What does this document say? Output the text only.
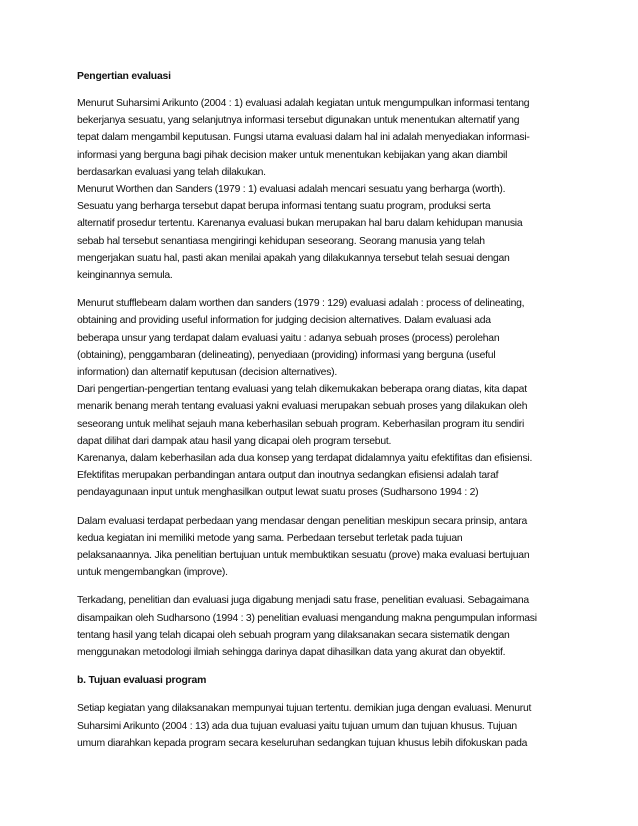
Pengertian evaluasi
Menurut Suharsimi Arikunto (2004 : 1) evaluasi adalah kegiatan untuk mengumpulkan informasi tentang
bekerjanya sesuatu, yang selanjutnya informasi tersebut digunakan untuk menentukan alternatif yang
tepat dalam mengambil keputusan. Fungsi utama evaluasi dalam hal ini adalah menyediakan informasi-
informasi yang berguna bagi pihak decision maker untuk menentukan kebijakan yang akan diambil
berdasarkan evaluasi yang telah dilakukan.
Menurut Worthen dan Sanders (1979 : 1) evaluasi adalah mencari sesuatu yang berharga (worth).
Sesuatu yang berharga tersebut dapat berupa informasi tentang suatu program, produksi serta
alternatif prosedur tertentu. Karenanya evaluasi bukan merupakan hal baru dalam kehidupan manusia
sebab hal tersebut senantiasa mengiringi kehidupan seseorang. Seorang manusia yang telah
mengerjakan suatu hal, pasti akan menilai apakah yang dilakukannya tersebut telah sesuai dengan
keinginannya semula.
Menurut stufflebeam dalam worthen dan sanders (1979 : 129) evaluasi adalah : process of delineating,
obtaining and providing useful information for judging decision alternatives. Dalam evaluasi ada
beberapa unsur yang terdapat dalam evaluasi yaitu : adanya sebuah proses (process) perolehan
(obtaining), penggambaran (delineating), penyediaan (providing) informasi yang berguna (useful
information) dan alternatif keputusan (decision alternatives).
Dari pengertian-pengertian tentang evaluasi yang telah dikemukakan beberapa orang diatas, kita dapat
menarik benang merah tentang evaluasi yakni evaluasi merupakan sebuah proses yang dilakukan oleh
seseorang untuk melihat sejauh mana keberhasilan sebuah program. Keberhasilan program itu sendiri
dapat dilihat dari dampak atau hasil yang dicapai oleh program tersebut.
Karenanya, dalam keberhasilan ada dua konsep yang terdapat didalamnya yaitu efektifitas dan efisiensi.
Efektifitas merupakan perbandingan antara output dan inoutnya sedangkan efisiensi adalah taraf
pendayagunaan input untuk menghasilkan output lewat suatu proses (Sudharsono 1994 : 2)
Dalam evaluasi terdapat perbedaan yang mendasar dengan penelitian meskipun secara prinsip, antara
kedua kegiatan ini memiliki metode yang sama. Perbedaan tersebut terletak pada tujuan
pelaksanaannya. Jika penelitian bertujuan untuk membuktikan sesuatu (prove) maka evaluasi bertujuan
untuk mengembangkan (improve).
Terkadang, penelitian dan evaluasi juga digabung menjadi satu frase, penelitian evaluasi. Sebagaimana
disampaikan oleh Sudharsono (1994 : 3) penelitian evaluasi mengandung makna pengumpulan informasi
tentang hasil yang telah dicapai oleh sebuah program yang dilaksanakan secara sistematik dengan
menggunakan metodologi ilmiah sehingga darinya dapat dihasilkan data yang akurat dan obyektif.
b. Tujuan evaluasi program
Setiap kegiatan yang dilaksanakan mempunyai tujuan tertentu. demikian juga dengan evaluasi. Menurut
Suharsimi Arikunto (2004 : 13) ada dua tujuan evaluasi yaitu tujuan umum dan tujuan khusus. Tujuan
umum diarahkan kepada program secara keseluruhan sedangkan tujuan khusus lebih difokuskan pada
